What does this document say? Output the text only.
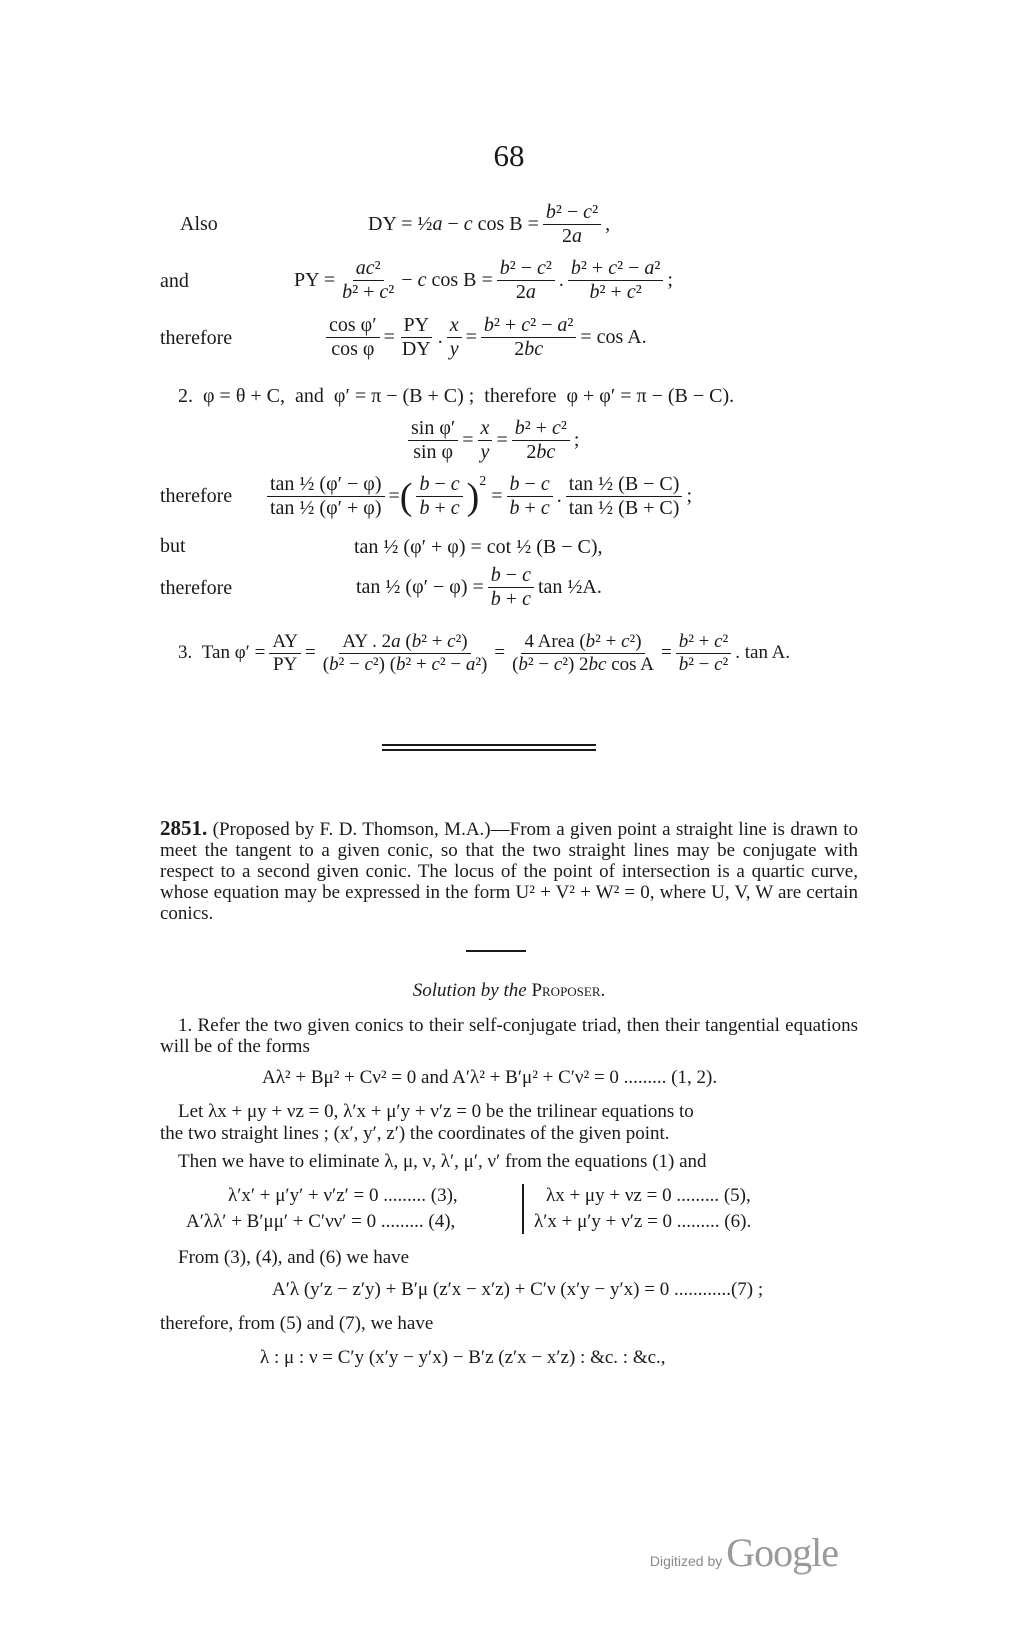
68
Also	DY = ½a − c $\cos B = \frac{\text{b² − c²}}{2a}$ ,
and	PY = $\frac{\text{ac²}}{\text{b² + c²}} - c$ $\cos B = \frac{\text{b² − c²}}{2a}$ . $\frac{\text{b² + c² − a²}}{\text{b² + c²}}$ ;
therefore	$\frac{\text{cos φ′}}{\text{cos φ}} = \frac{PY}{DY}$ . $\frac{x}{y} = \frac{\text{b² + c² − a²}}{2bc} = \cos A$.
2.  φ = θ + C,  and  φ′ = π − (B + C) ;  therefore  φ + φ′ = π − (B − C).
$\frac{\text{sin φ′}}{\text{sin φ}} = \frac{x}{y} = \frac{\text{b² + c²}}{2bc}$ ;
therefore $\frac{\text{tan ½ (φ′ − φ)}}{\text{tan ½ (φ′ + φ)}}$ = ( $\frac{b - c}{b + c}$ ) 2
= $\frac{b - c}{b + c}$ . $\frac{\text{tan ½ (B − C)}}{\text{tan ½ (B + C)}}$ ;
but	tan ½ (φ′ + φ) = cot ½ (B − C),
therefore	tan ½ $(\varphi' - \varphi) = \frac{b - c}{b + c}$ tan ½A.
3.  Tan $\varphi' = \frac{AY}{PY} = \frac{\text{AY . 2a (b² + c²)}}{\text{(b² − c²) (b² + c² − a²)}} = \frac{\text{4 Area (b² + c²)}}{\text{(b² − c²) 2bc cos A}} = \frac{\text{b² + c²}}{\text{b² − c²}}$ . tan A.
2851. (Proposed by F. D. Thomson, M.A.)—From a given point a straight line is drawn to meet the tangent to a given conic, so that the two straight lines may be conjugate with respect to a second given conic. The locus of the point of intersection is a quartic curve, whose equation may be expressed in the form U² + V² + W² = 0, where U, V, W are certain conics.
Solution by the Proposer.
1. Refer the two given conics to their self-conjugate triad, then their tangential equations will be of the forms
Aλ² + Bμ² + Cν² = 0 and A′λ² + B′μ² + C′ν² = 0 ......... (1, 2).
Let λx + μy + νz = 0, λ′x + μ′y + ν′z = 0 be the trilinear equations to
the two straight lines ; (x′, y′, z′) the coordinates of the given point.
Then we have to eliminate λ, μ, ν, λ′, μ′, ν′ from the equations (1) and
λ′x′ + μ′y′ + ν′z′ = 0 ......... (3),
A′λλ′ + B′μμ′ + C′νν′ = 0 ......... (4),
λx + μy + νz = 0 ......... (5),
λ′x + μ′y + ν′z = 0 ......... (6).
From (3), (4), and (6) we have
A′λ (y′z − z′y) + B′μ (z′x − x′z) + C′ν (x′y − y′x) = 0 ............(7) ;
therefore, from (5) and (7), we have
λ : μ : ν = C′y (x′y − y′x) − B′z (z′x − x′z) : &c. : &c.,
Digitized by Google
